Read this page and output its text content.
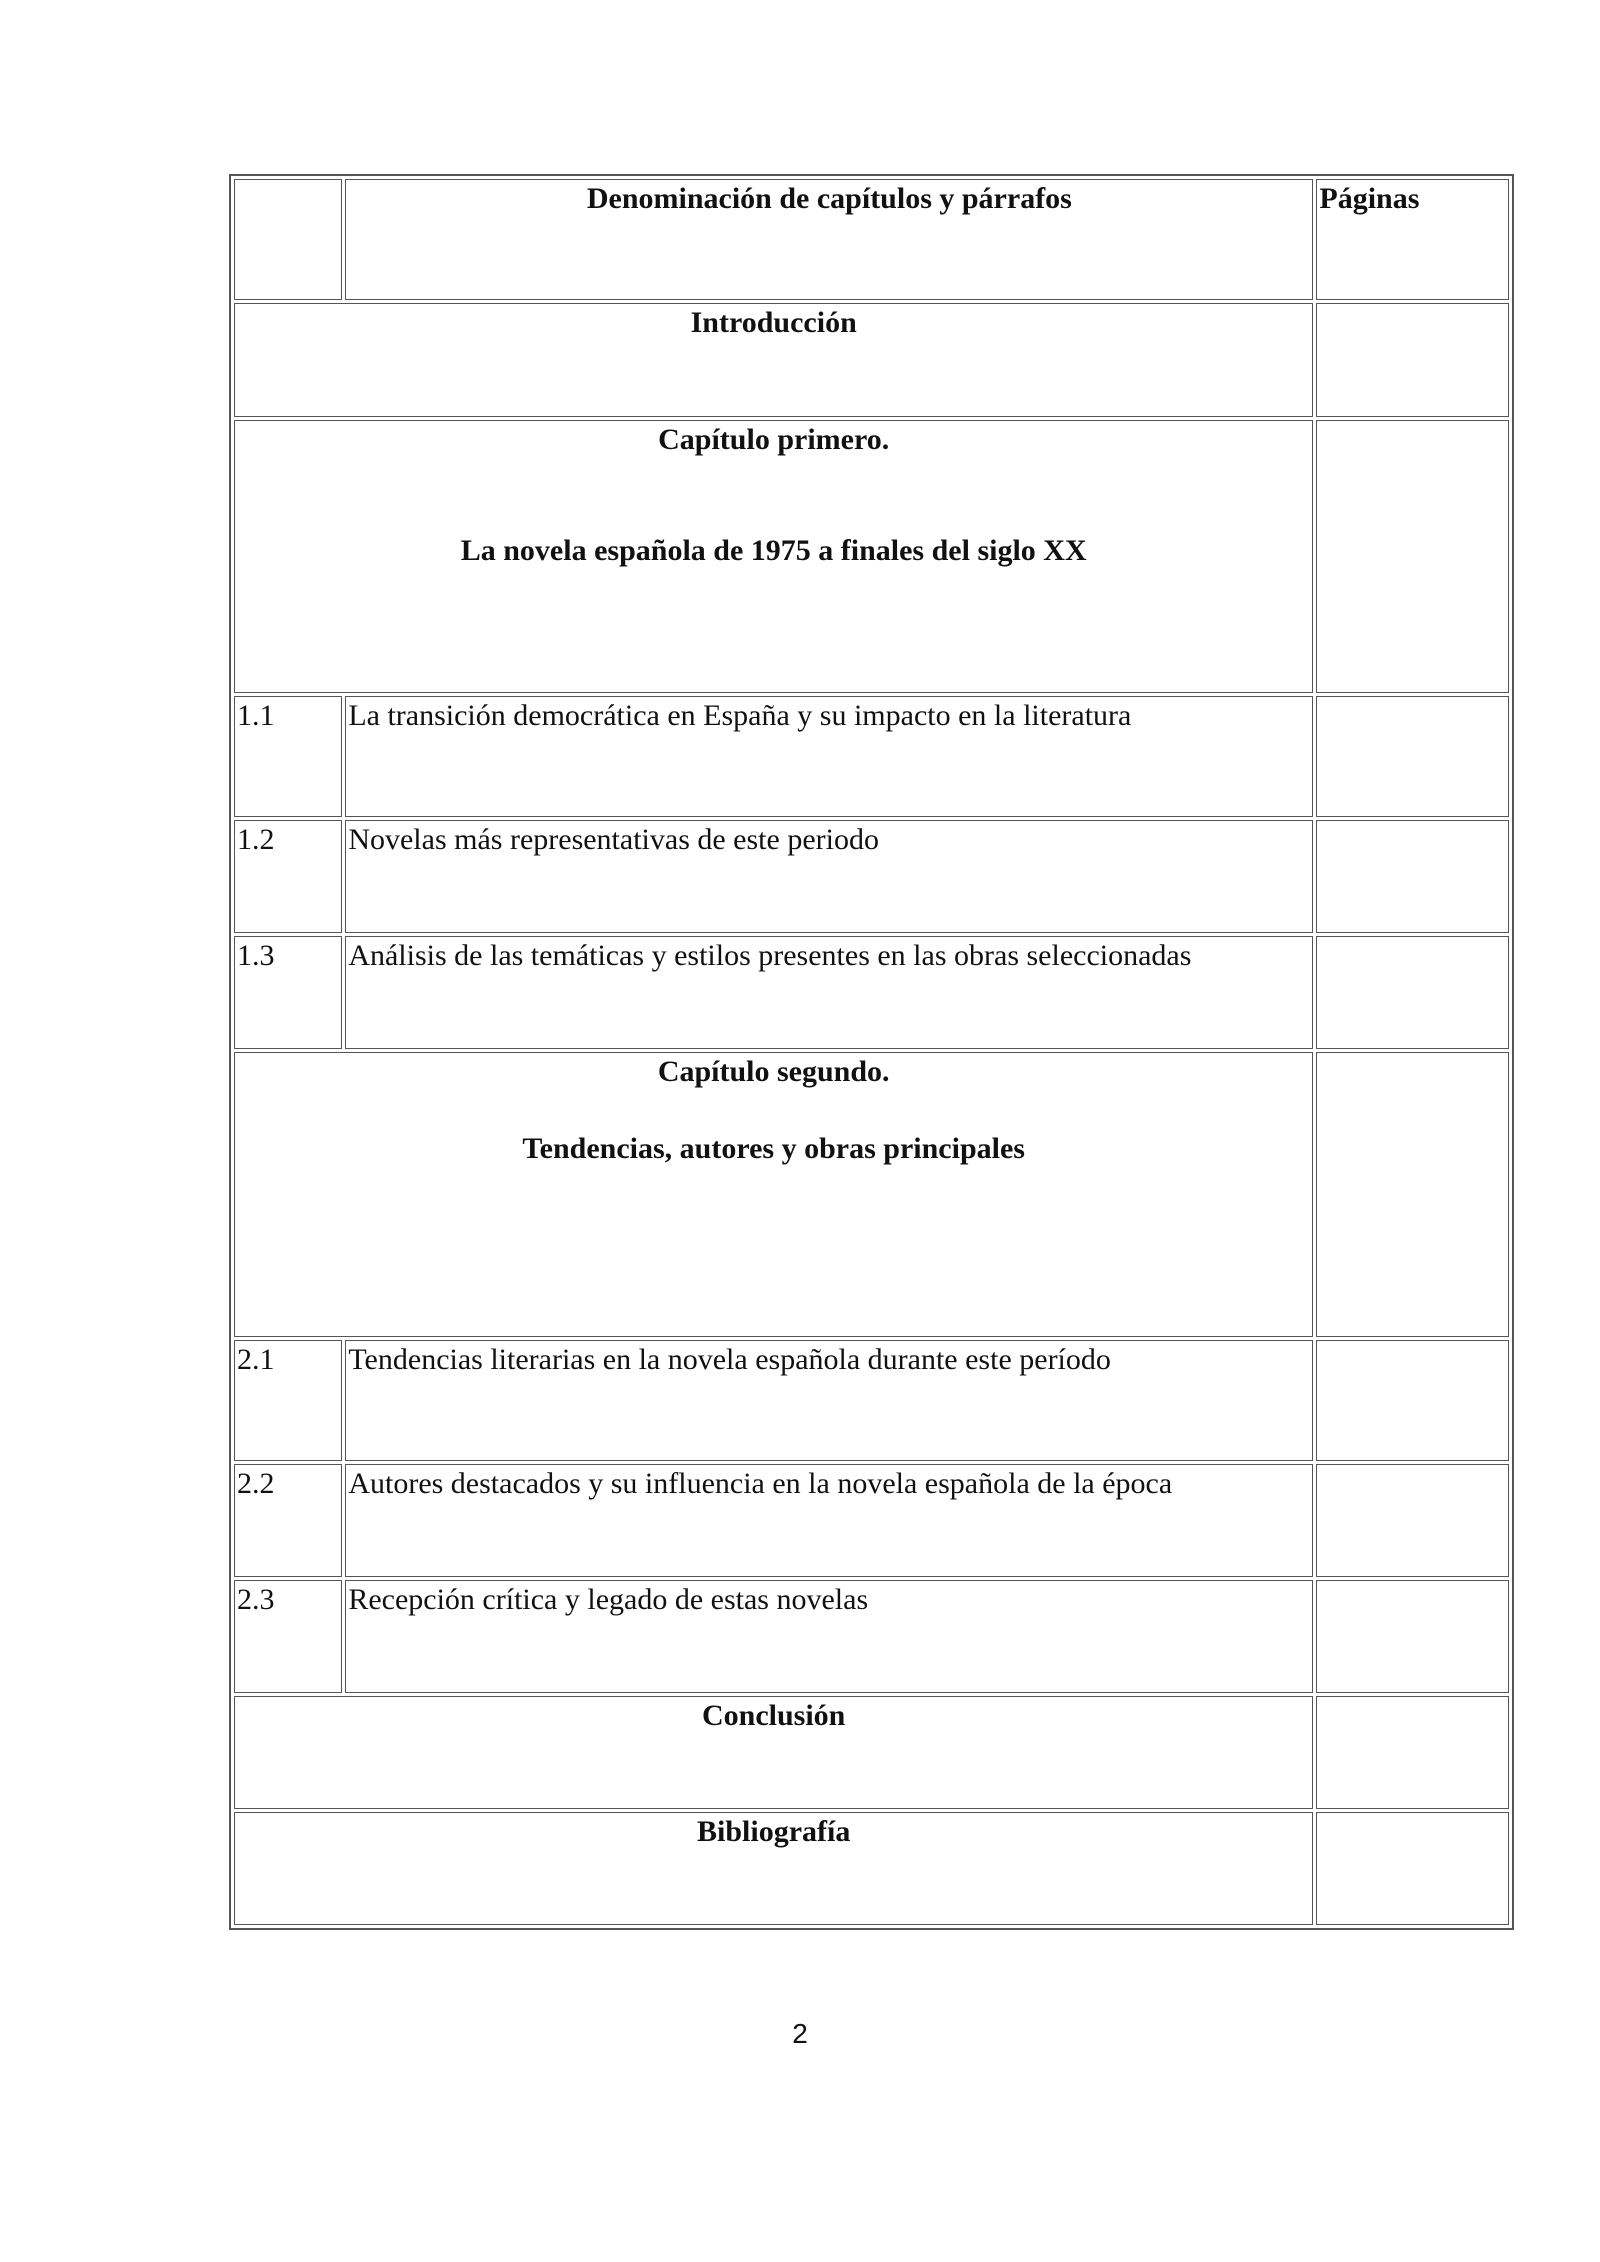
	Denominación de capítulos y párrafos	Páginas
Introducción		

Capítulo primero.
La novela española de 1975 a finales del siglo XX		

1.1	La transición democrática en España y su impacto en la literatura	
1.2	Novelas más representativas de este periodo	
1.3	Análisis de las temáticas y estilos presentes en las obras seleccionadas	

Capítulo segundo.
Tendencias, autores y obras principales		

2.1	Tendencias literarias en la novela española durante este período	
2.2	Autores destacados y su influencia en la novela española de la época	
2.3	Recepción crítica y legado de estas novelas	
Conclusión		
Bibliografía		
2
